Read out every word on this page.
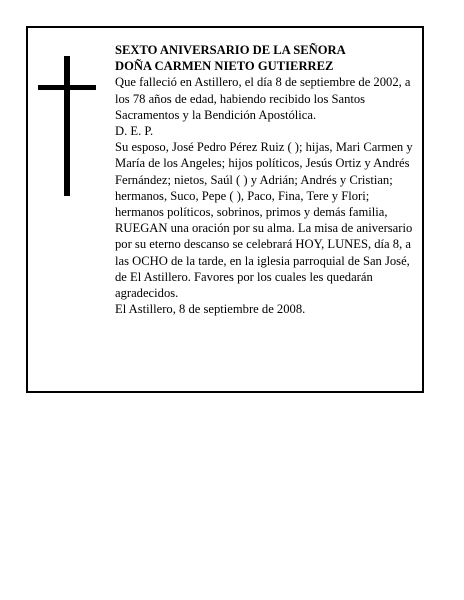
SEXTO ANIVERSARIO DE LA SEÑORA

DOÑA CARMEN NIETO GUTIERREZ

Que falleció en Astillero, el día 8 de septiembre de 2002, a los 78 años de edad, habiendo recibido los Santos Sacramentos y la Bendición Apostólica.

D. E. P.

Su esposo, José Pedro Pérez Ruiz ( ); hijas, Mari Carmen y María de los Angeles; hijos políticos, Jesús Ortiz y Andrés Fernández; nietos, Saúl ( ) y Adrián; Andrés y Cristian; hermanos, Suco, Pepe ( ), Paco, Fina, Tere y Flori; hermanos políticos, sobrinos, primos y demás familia,

RUEGAN una oración por su alma. La misa de aniversario por su eterno descanso se celebrará HOY, LUNES, día 8, a las OCHO de la tarde, en la iglesia parroquial de San José, de El Astillero. Favores por los cuales les quedarán agradecidos.

El Astillero, 8 de septiembre de 2008.
